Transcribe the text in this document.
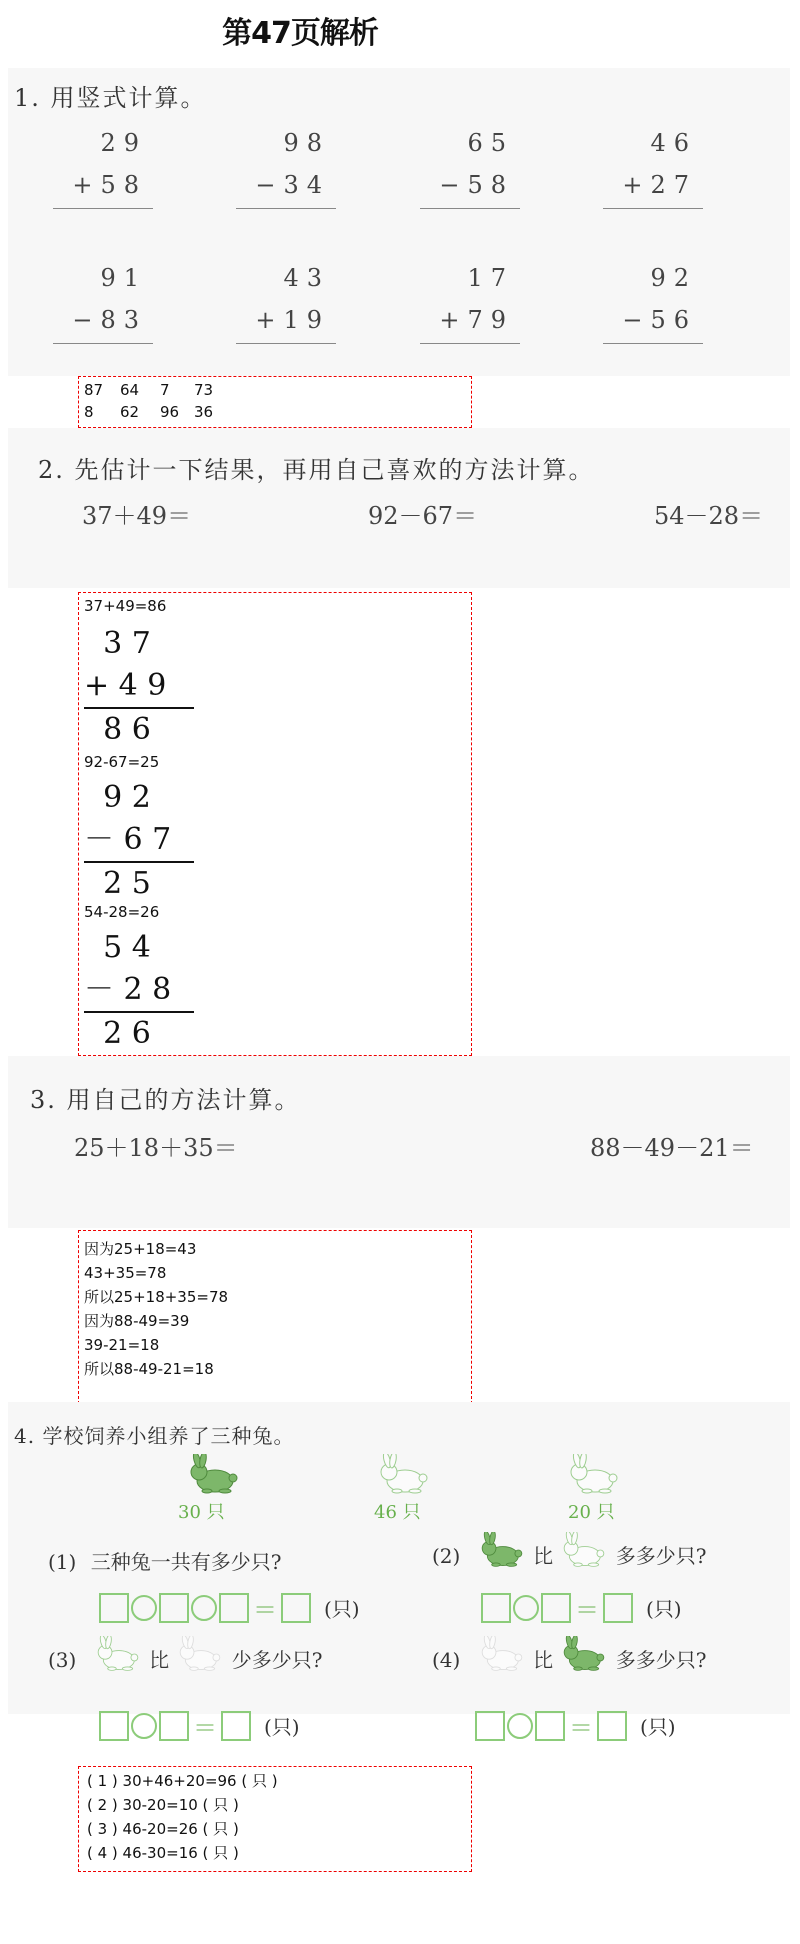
第47页解析
1. 用竖式计算。
29
+58
98
−34
65
−58
46
+27
91
−83
43
+19
17
+79
92
−56
87 64 7 73
8 62 96 36
2. 先估计一下结果，再用自己喜欢的方法计算。
37＋49＝	92－67＝	54－28＝
37+49=86
3 7
+ 4 9
8 6
92-67=25
9 2
－ 6 7
2 5
54-28=26
5 4
－ 2 8
2 6
3. 用自己的方法计算。
25＋18＋35＝	88－49－21＝
因为25+18=43
43+35=78
所以25+18+35=78
因为88-49=39
39-21=18
所以88-49-21=18
4. 学校饲养小组养了三种兔。
30 只	46 只	20 只
(1) 三种兔一共有多少只?
＝ (只)
(2)	比	多多少只?
＝ (只)
(3)	比	少多少只?
＝ (只)
(4)	比	多多少只?
＝ (只)
( 1 ) 30+46+20=96 ( 只 )
( 2 ) 30-20=10 ( 只 )
( 3 ) 46-20=26 ( 只 )
( 4 ) 46-30=16 ( 只 )
